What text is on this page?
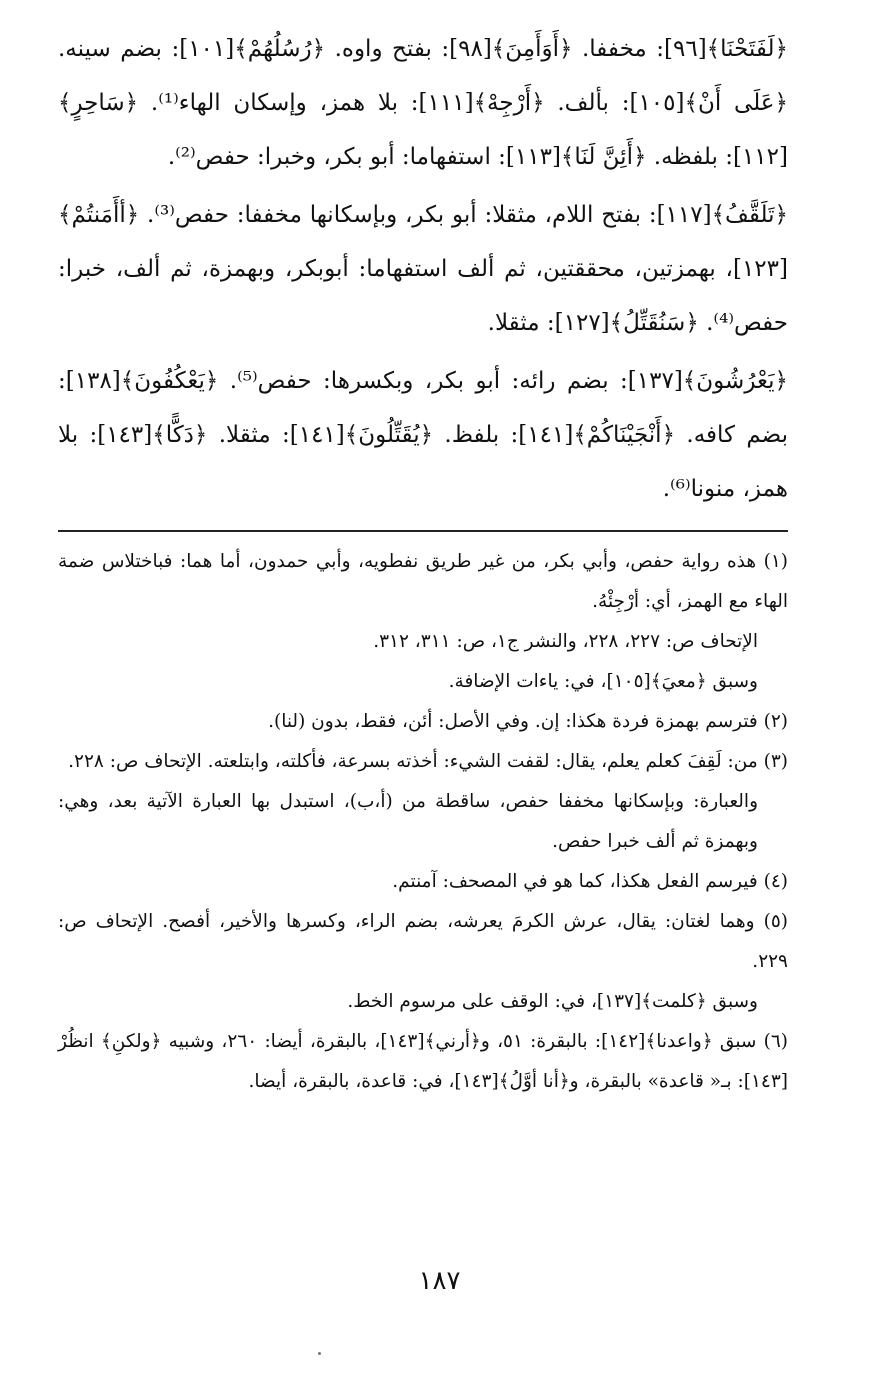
﴿لَفَتَحْنَا﴾[٩٦]: مخففا. ﴿أَوَأَمِنَ﴾[٩٨]: بفتح واوه. ﴿رُسُلُهُمْ﴾[١٠١]: بضم سينه. ﴿عَلَى أَنْ﴾[١٠٥]: بألف. ﴿أَرْجِهْ﴾[١١١]: بلا همز، وإسكان الهاء⁽¹⁾. ﴿سَاحِرٍ﴾[١١٢]: بلفظه. ﴿أَئِنَّ لَنَا﴾[١١٣]: استفهاما: أبو بكر، وخبرا: حفص⁽²⁾.

﴿تَلَقَّفُ﴾[١١٧]: بفتح اللام، مثقلا: أبو بكر، وبإسكانها مخففا: حفص⁽³⁾. ﴿أأَمَنتُمْ﴾[١٢٣]، بهمزتين، محققتين، ثم ألف استفهاما: أبوبكر، وبهمزة، ثم ألف، خبرا: حفص⁽⁴⁾. ﴿سَنُقَتِّلُ﴾[١٢٧]: مثقلا.

﴿يَعْرُشُونَ﴾[١٣٧]: بضم رائه: أبو بكر، وبكسرها: حفص⁽⁵⁾. ﴿يَعْكُفُونَ﴾[١٣٨]: بضم كافه. ﴿أَنْجَيْنَاكُمْ﴾[١٤١]: بلفظ. ﴿يُقَتِّلُونَ﴾[١٤١]: مثقلا. ﴿دَكًّا﴾[١٤٣]: بلا همز، منونا⁽⁶⁾.

(١) هذه رواية حفص، وأبي بكر، من غير طريق نفطويه، وأبي حمدون، أما هما: فباختلاس ضمة الهاء مع الهمز، أي: أرْجِئْهُ.

الإتحاف ص: ٢٢٧، ٢٢٨، والنشر ج١، ص: ٣١١، ٣١٢.

وسبق ﴿معيَ﴾[١٠٥]، في: ياءات الإضافة.

(٢) فترسم بهمزة فردة هكذا: إن. وفي الأصل: أئن، فقط، بدون (لنا).

(٣) من: لَقِفَ كعلم يعلم، يقال: لقفت الشيء: أخذته بسرعة، فأكلته، وابتلعته. الإتحاف ص: ٢٢٨.

والعبارة: وبإسكانها مخففا حفص، ساقطة من (أ،ب)، استبدل بها العبارة الآتية بعد، وهي: وبهمزة ثم ألف خبرا حفص.

(٤) فيرسم الفعل هكذا، كما هو في المصحف: آمنتم.

(٥) وهما لغتان: يقال، عرش الكرمَ يعرشه، بضم الراء، وكسرها والأخير، أفصح. الإتحاف ص: ٢٢٩.

وسبق ﴿كلمت﴾[١٣٧]، في: الوقف على مرسوم الخط.

(٦) سبق ﴿واعدنا﴾[١٤٢]: بالبقرة: ٥١، و﴿أرني﴾[١٤٣]، بالبقرة، أيضا: ٢٦٠، وشبيه ﴿ولكنِ﴾ انظُرْ [١٤٣]: بـ« قاعدة» بالبقرة، و﴿أنا أوَّلُ﴾[١٤٣]، في: قاعدة، بالبقرة، أيضا.

١٨٧
